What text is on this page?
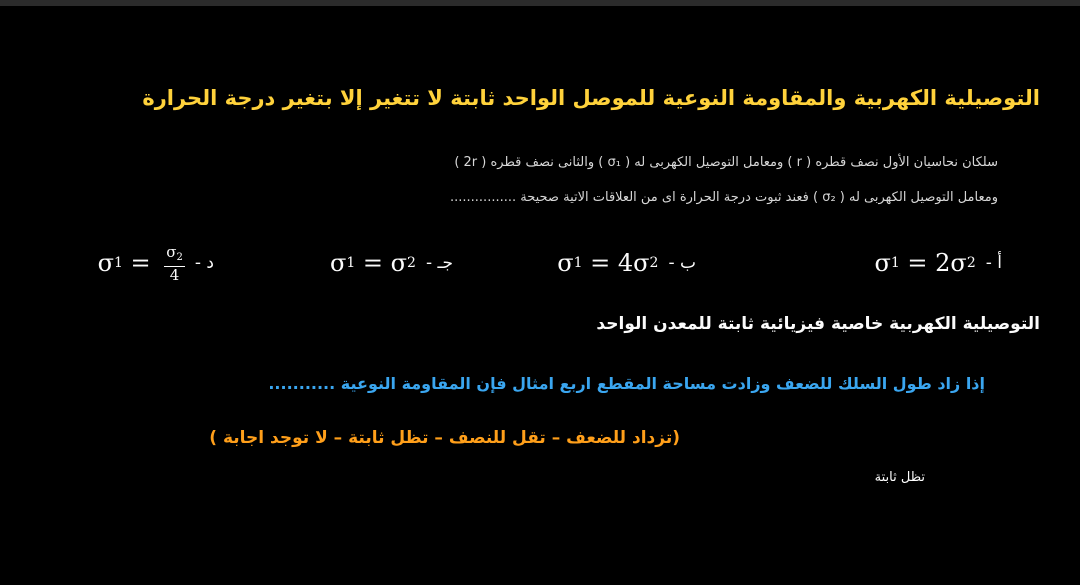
التوصيلية الكهربية والمقاومة النوعية للموصل الواحد ثابتة لا تتغير إلا بتغير درجة الحرارة
سلكان نحاسيان الأول نصف قطره ( r ) ومعامل التوصيل الكهربى له ( σ₁ ) والثانى نصف قطره ( 2r )
ومعامل التوصيل الكهربى له ( σ₂ ) فعند ثبوت درجة الحرارة اى من العلاقات الاتية صحيحة ................
أ -
σ 1 = 2σ 2
ب -
σ 1 = 4σ 2
جـ -
σ 1 = σ 2
د -
σ $1 = \frac{\sigma_2}{4}$
التوصيلية الكهربية خاصية فيزيائية ثابتة للمعدن الواحد
إذا زاد طول السلك للضعف وزادت مساحة المقطع اربع امثال فإن المقاومة النوعية ...........
(تزداد للضعف – تقل للنصف – تظل ثابتة – لا توجد اجابة )
تظل ثابتة
